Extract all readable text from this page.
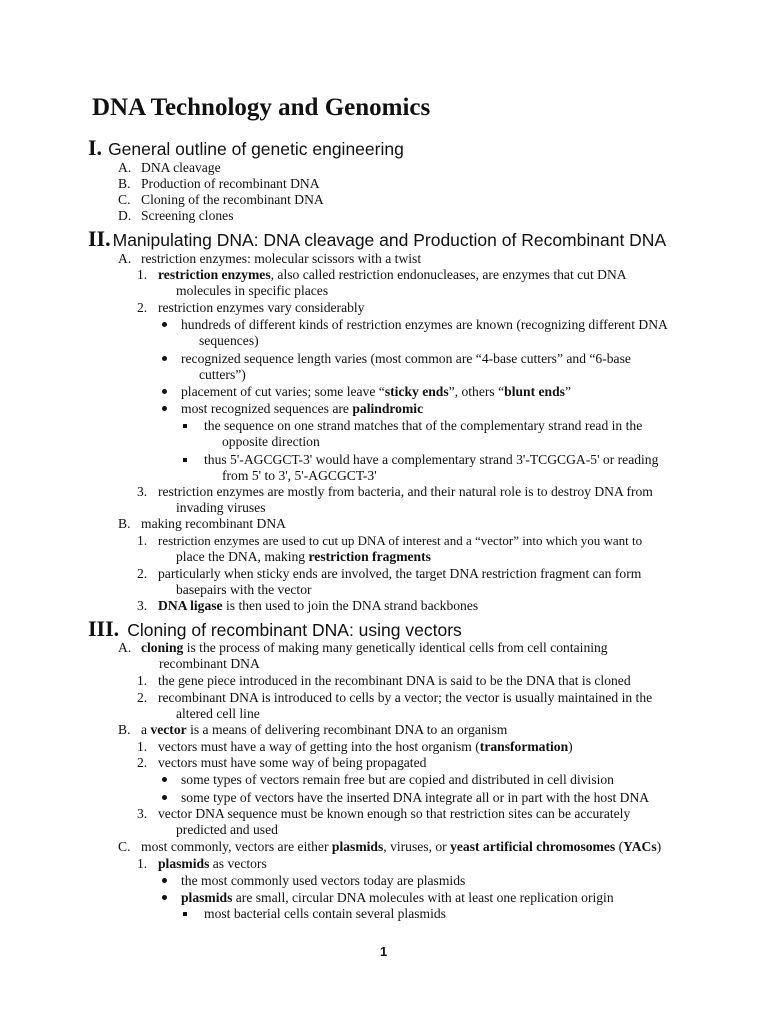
DNA Technology and Genomics
I. General outline of genetic engineering
A. DNA cleavage
B. Production of recombinant DNA
C. Cloning of the recombinant DNA
D. Screening clones
II. Manipulating DNA: DNA cleavage and Production of Recombinant DNA
A. restriction enzymes: molecular scissors with a twist
1. restriction enzymes, also called restriction endonucleases, are enzymes that cut DNA
molecules in specific places
2. restriction enzymes vary considerably
hundreds of different kinds of restriction enzymes are known (recognizing different DNA
sequences)
recognized sequence length varies (most common are “4-base cutters” and “6-base
cutters”)
placement of cut varies; some leave “sticky ends”, others “blunt ends”
most recognized sequences are palindromic
the sequence on one strand matches that of the complementary strand read in the
opposite direction
thus 5'-AGCGCT-3' would have a complementary strand 3'-TCGCGA-5' or reading
from 5' to 3', 5'-AGCGCT-3'
3. restriction enzymes are mostly from bacteria, and their natural role is to destroy DNA from
invading viruses
B. making recombinant DNA
1. restriction enzymes are used to cut up DNA of interest and a “vector” into which you want to
place the DNA, making restriction fragments
2. particularly when sticky ends are involved, the target DNA restriction fragment can form
basepairs with the vector
3. DNA ligase is then used to join the DNA strand backbones
III. Cloning of recombinant DNA: using vectors
A. cloning is the process of making many genetically identical cells from cell containing
recombinant DNA
1. the gene piece introduced in the recombinant DNA is said to be the DNA that is cloned
2. recombinant DNA is introduced to cells by a vector; the vector is usually maintained in the
altered cell line
B. a vector is a means of delivering recombinant DNA to an organism
1. vectors must have a way of getting into the host organism (transformation)
2. vectors must have some way of being propagated
some types of vectors remain free but are copied and distributed in cell division
some type of vectors have the inserted DNA integrate all or in part with the host DNA
3. vector DNA sequence must be known enough so that restriction sites can be accurately
predicted and used
C. most commonly, vectors are either plasmids, viruses, or yeast artificial chromosomes (YACs)
1. plasmids as vectors
the most commonly used vectors today are plasmids
plasmids are small, circular DNA molecules with at least one replication origin
most bacterial cells contain several plasmids
1
